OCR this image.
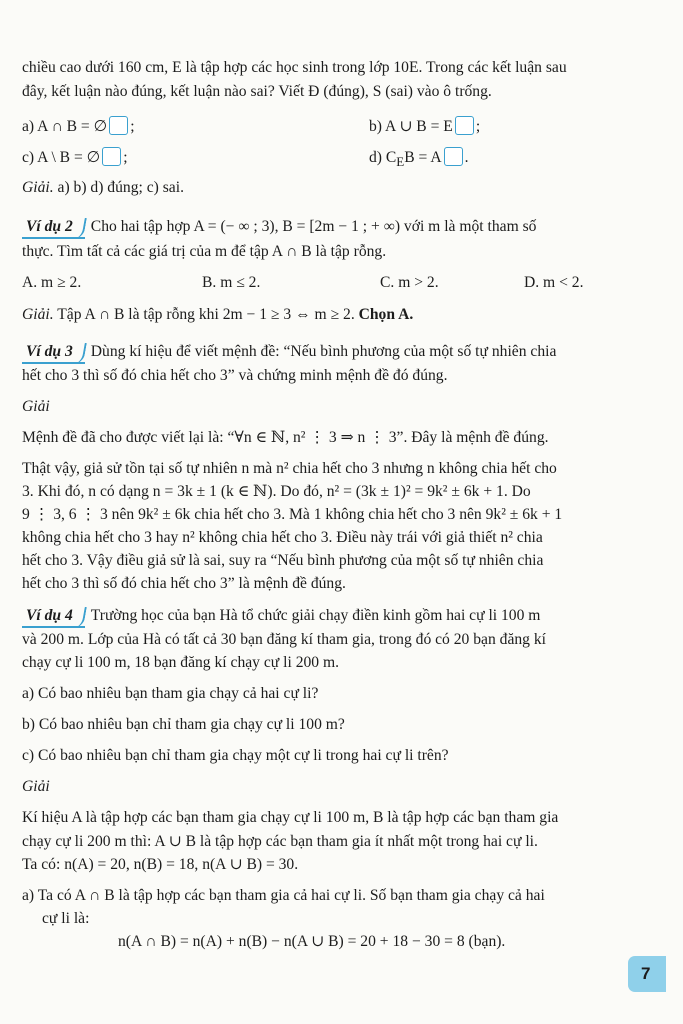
chiều cao dưới 160 cm, E là tập hợp các học sinh trong lớp 10E. Trong các kết luận sau
đây, kết luận nào đúng, kết luận nào sai? Viết Đ (đúng), S (sai) vào ô trống.
a) A ∩ B = ∅ ;	b) A ∪ B = E ;
c) A \ B = ∅ ;	d) $C_EB = A$ .
Giải. a) b) d) đúng; c) sai.
Ví dụ 2 Cho hai tập hợp A = (− ∞ ; 3), B = [2m − 1 ; + ∞) với m là một tham số
thực. Tìm tất cả các giá trị của m để tập A ∩ B là tập rỗng.
A. m ≥ 2.	B. m ≤ 2.	C. m > 2.	D. m < 2.
Giải. Tập A ∩ B là tập rỗng khi 2m − 1 ≥ 3 ⇔ m ≥ 2. Chọn A.
Ví dụ 3 Dùng kí hiệu để viết mệnh đề: “Nếu bình phương của một số tự nhiên chia
hết cho 3 thì số đó chia hết cho 3” và chứng minh mệnh đề đó đúng.
Giải
Mệnh đề đã cho được viết lại là: “∀n ∈ ℕ, n² ⋮ 3 ⇒ n ⋮ 3”. Đây là mệnh đề đúng.
Thật vậy, giả sử tồn tại số tự nhiên n mà n² chia hết cho 3 nhưng n không chia hết cho
3. Khi đó, n có dạng n = 3k ± 1 (k ∈ ℕ). Do đó, n² = (3k ± 1)² = 9k² ± 6k + 1. Do
9 ⋮ 3, 6 ⋮ 3 nên 9k² ± 6k chia hết cho 3. Mà 1 không chia hết cho 3 nên 9k² ± 6k + 1
không chia hết cho 3 hay n² không chia hết cho 3. Điều này trái với giả thiết n² chia
hết cho 3. Vậy điều giả sử là sai, suy ra “Nếu bình phương của một số tự nhiên chia
hết cho 3 thì số đó chia hết cho 3” là mệnh đề đúng.
Ví dụ 4 Trường học của bạn Hà tổ chức giải chạy điền kinh gồm hai cự li 100 m
và 200 m. Lớp của Hà có tất cả 30 bạn đăng kí tham gia, trong đó có 20 bạn đăng kí
chạy cự li 100 m, 18 bạn đăng kí chạy cự li 200 m.
a) Có bao nhiêu bạn tham gia chạy cả hai cự li?
b) Có bao nhiêu bạn chỉ tham gia chạy cự li 100 m?
c) Có bao nhiêu bạn chỉ tham gia chạy một cự li trong hai cự li trên?
Giải
Kí hiệu A là tập hợp các bạn tham gia chạy cự li 100 m, B là tập hợp các bạn tham gia
chạy cự li 200 m thì: A ∪ B là tập hợp các bạn tham gia ít nhất một trong hai cự li.
Ta có: n(A) = 20, n(B) = 18, n(A ∪ B) = 30.
a) Ta có A ∩ B là tập hợp các bạn tham gia cả hai cự li. Số bạn tham gia chạy cả hai
cự li là:
n(A ∩ B) = n(A) + n(B) − n(A ∪ B) = 20 + 18 − 30 = 8 (bạn).
7
